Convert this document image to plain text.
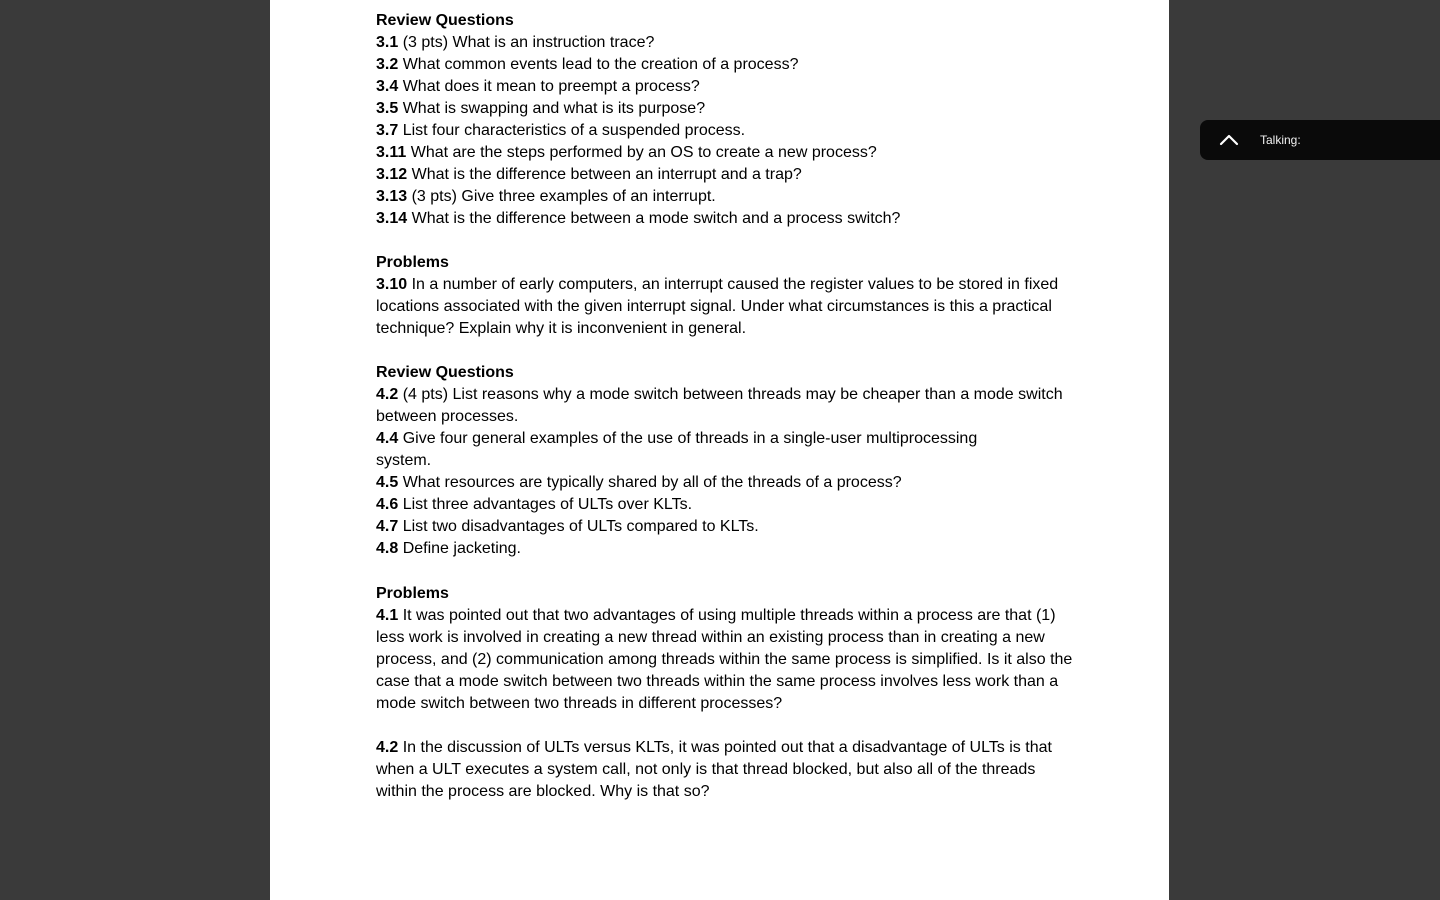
Review Questions

3.1 (3 pts) What is an instruction trace?

3.2 What common events lead to the creation of a process?

3.4 What does it mean to preempt a process?

3.5 What is swapping and what is its purpose?

3.7 List four characteristics of a suspended process.

3.11 What are the steps performed by an OS to create a new process?

3.12 What is the difference between an interrupt and a trap?

3.13 (3 pts) Give three examples of an interrupt.

3.14 What is the difference between a mode switch and a process switch?

Problems

3.10 In a number of early computers, an interrupt caused the register values to be stored in fixed locations associated with the given interrupt signal. Under what circumstances is this a practical technique? Explain why it is inconvenient in general.

Review Questions

4.2 (4 pts) List reasons why a mode switch between threads may be cheaper than a mode switch between processes.

4.4 Give four general examples of the use of threads in a single-user multiprocessing system.

4.5 What resources are typically shared by all of the threads of a process?

4.6 List three advantages of ULTs over KLTs.

4.7 List two disadvantages of ULTs compared to KLTs.

4.8 Define jacketing.

Problems

4.1 It was pointed out that two advantages of using multiple threads within a process are that (1) less work is involved in creating a new thread within an existing process than in creating a new process, and (2) communication among threads within the same process is simplified. Is it also the case that a mode switch between two threads within the same process involves less work than a mode switch between two threads in different processes?

4.2 In the discussion of ULTs versus KLTs, it was pointed out that a disadvantage of ULTs is that when a ULT executes a system call, not only is that thread blocked, but also all of the threads within the process are blocked. Why is that so?

Talking:
